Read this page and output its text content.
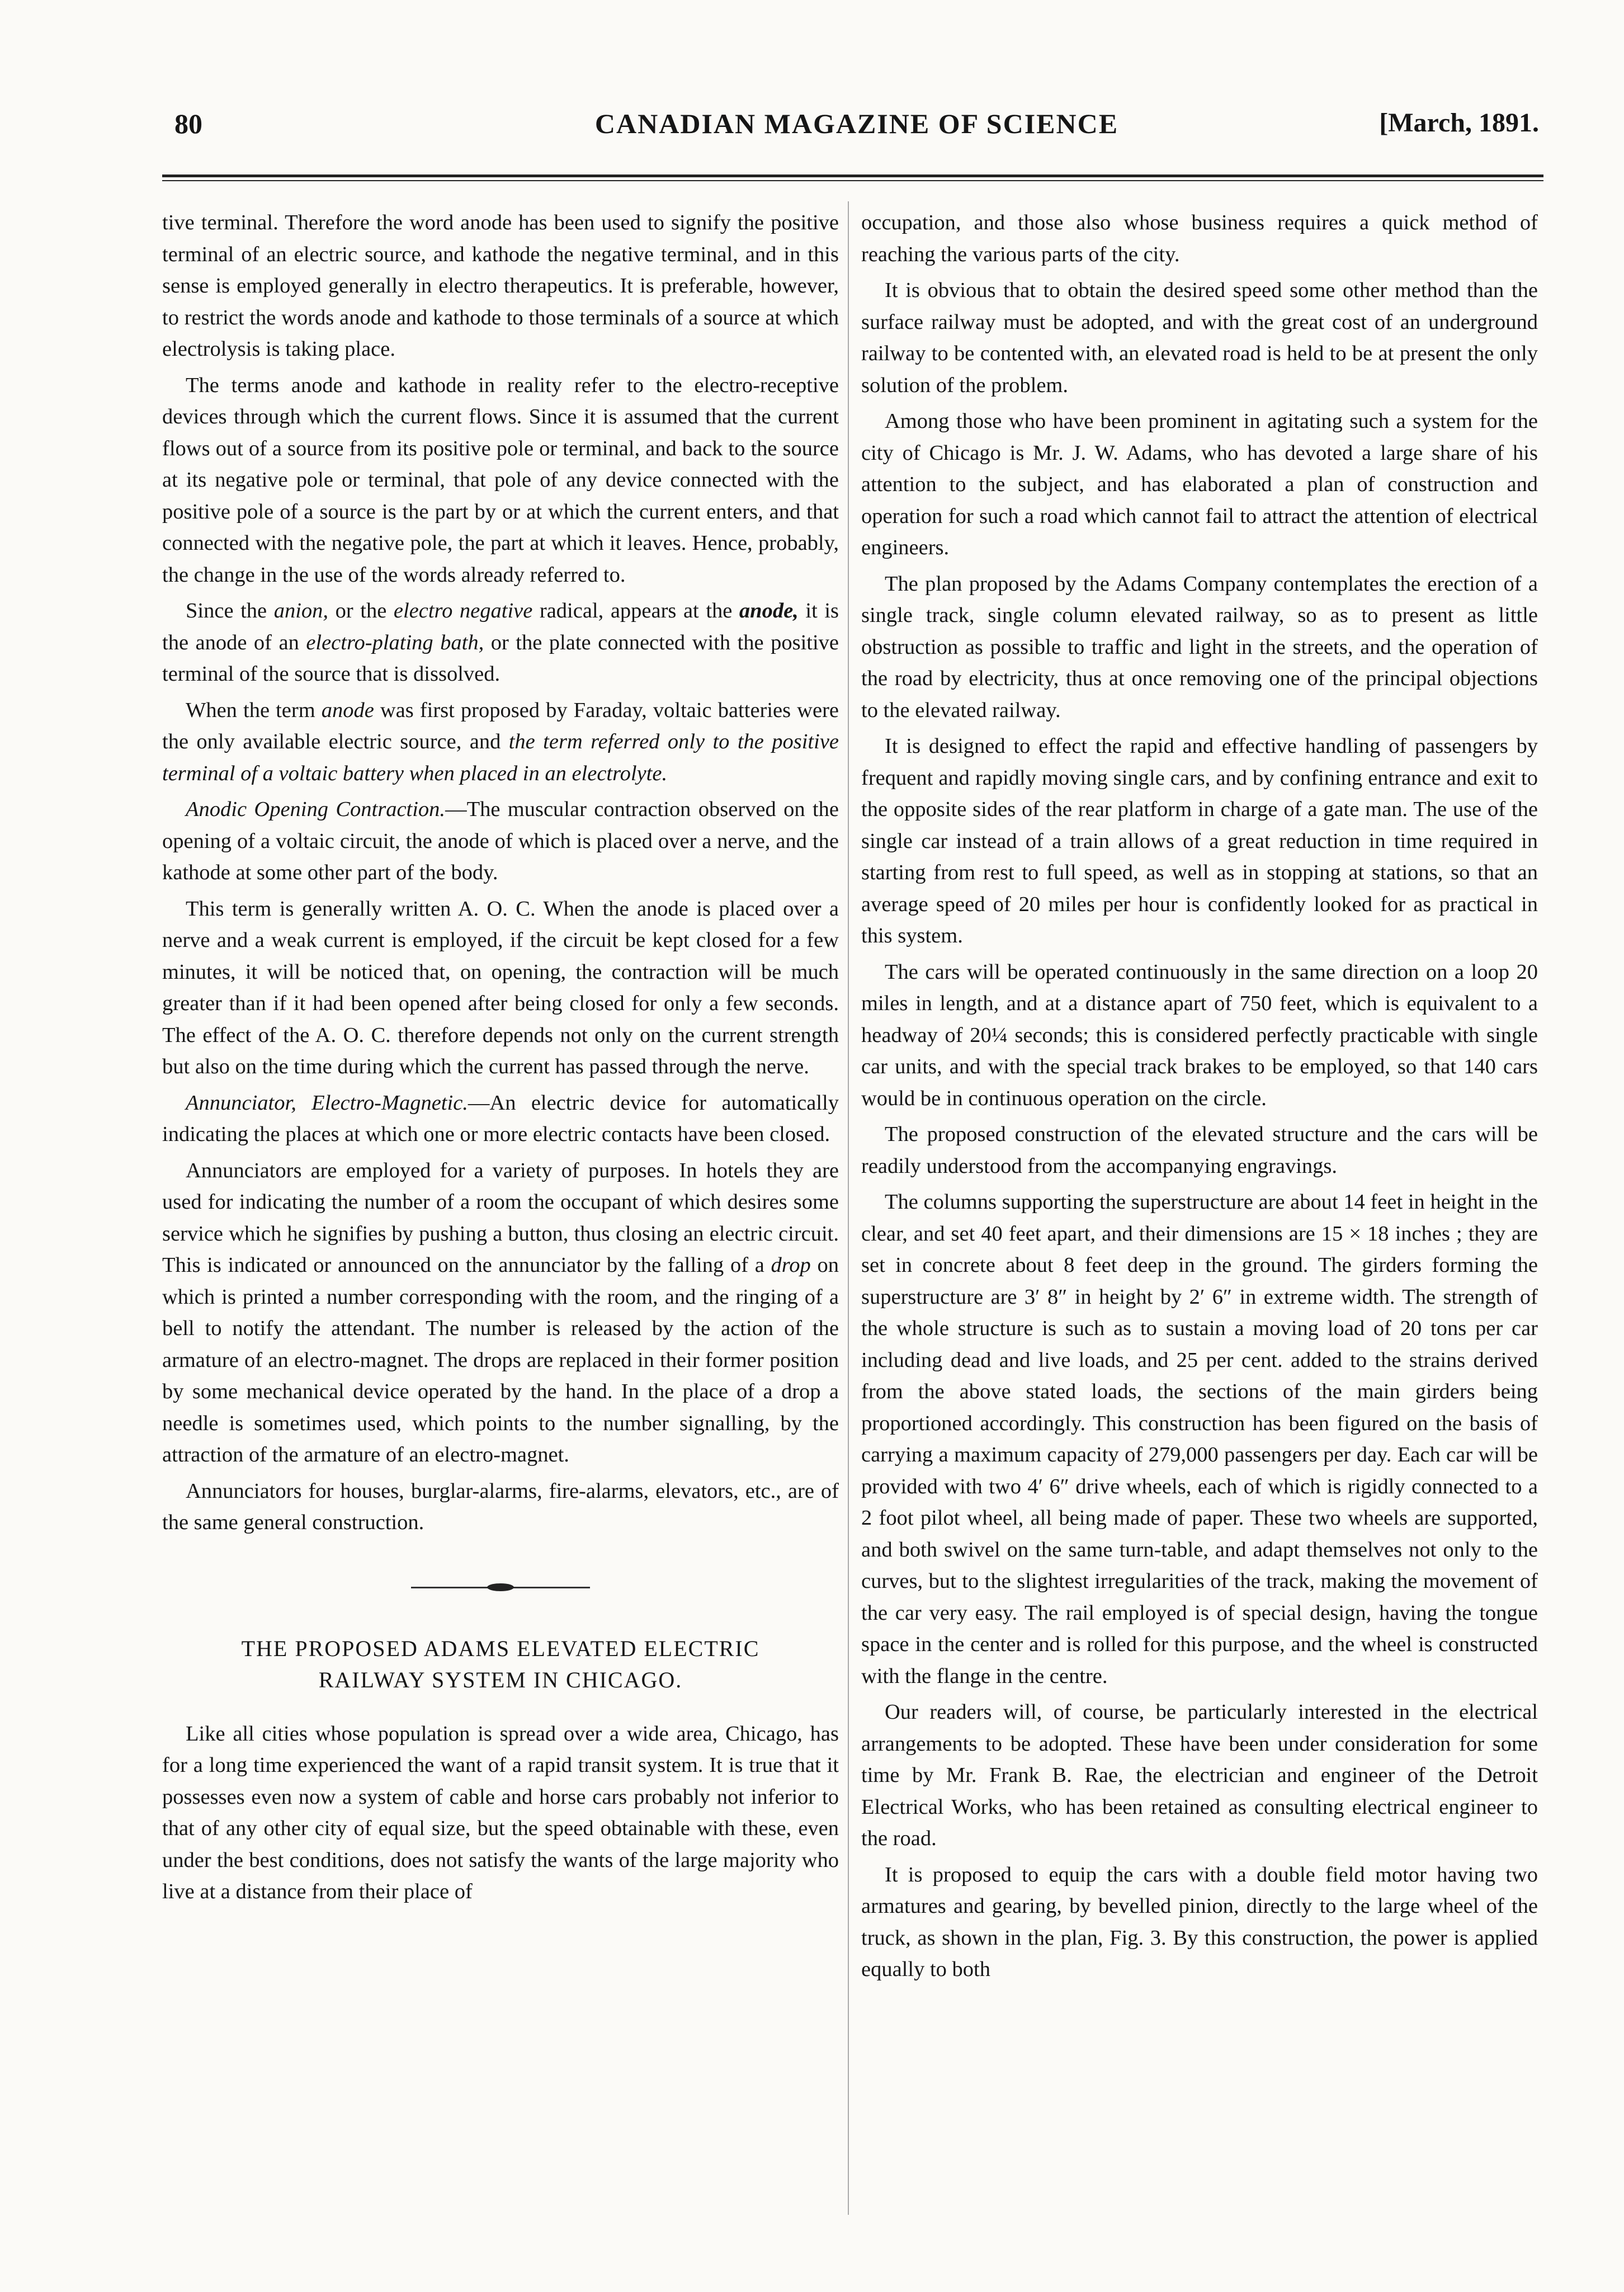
80	CANADIAN MAGAZINE OF SCIENCE	[March, 1891.

tive terminal. Therefore the word anode has been used to signify the positive terminal of an electric source, and kathode the negative terminal, and in this sense is employed generally in electro therapeutics. It is preferable, however, to restrict the words anode and kathode to those terminals of a source at which electrolysis is taking place.

The terms anode and kathode in reality refer to the electro-receptive devices through which the current flows. Since it is assumed that the current flows out of a source from its positive pole or terminal, and back to the source at its negative pole or terminal, that pole of any device connected with the positive pole of a source is the part by or at which the current enters, and that connected with the negative pole, the part at which it leaves. Hence, probably, the change in the use of the words already referred to.

Since the anion, or the electro negative radical, appears at the anode, it is the anode of an electro-plating bath, or the plate connected with the positive terminal of the source that is dissolved.

When the term anode was first proposed by Faraday, voltaic batteries were the only available electric source, and the term referred only to the positive terminal of a voltaic battery when placed in an electrolyte.

Anodic Opening Contraction.—The muscular contraction observed on the opening of a voltaic circuit, the anode of which is placed over a nerve, and the kathode at some other part of the body.

This term is generally written A. O. C. When the anode is placed over a nerve and a weak current is employed, if the circuit be kept closed for a few minutes, it will be noticed that, on opening, the contraction will be much greater than if it had been opened after being closed for only a few seconds. The effect of the A. O. C. therefore depends not only on the current strength but also on the time during which the current has passed through the nerve.

Annunciator, Electro-Magnetic.—An electric device for automatically indicating the places at which one or more electric contacts have been closed.

Annunciators are employed for a variety of purposes. In hotels they are used for indicating the number of a room the occupant of which desires some service which he signifies by pushing a button, thus closing an electric circuit. This is indicated or announced on the annunciator by the falling of a drop on which is printed a number corresponding with the room, and the ringing of a bell to notify the attendant. The number is released by the action of the armature of an electro-magnet. The drops are replaced in their former position by some mechanical device operated by the hand. In the place of a drop a needle is sometimes used, which points to the number signalling, by the attraction of the armature of an electro-magnet.

Annunciators for houses, burglar-alarms, fire-alarms, elevators, etc., are of the same general construction.

THE PROPOSED ADAMS ELEVATED ELECTRIC
RAILWAY SYSTEM IN CHICAGO.

Like all cities whose population is spread over a wide area, Chicago, has for a long time experienced the want of a rapid transit system. It is true that it possesses even now a system of cable and horse cars probably not inferior to that of any other city of equal size, but the speed obtainable with these, even under the best conditions, does not satisfy the wants of the large majority who live at a distance from their place of

occupation, and those also whose business requires a quick method of reaching the various parts of the city.

It is obvious that to obtain the desired speed some other method than the surface railway must be adopted, and with the great cost of an underground railway to be contented with, an elevated road is held to be at present the only solution of the problem.

Among those who have been prominent in agitating such a system for the city of Chicago is Mr. J. W. Adams, who has devoted a large share of his attention to the subject, and has elaborated a plan of construction and operation for such a road which cannot fail to attract the attention of electrical engineers.

The plan proposed by the Adams Company contemplates the erection of a single track, single column elevated railway, so as to present as little obstruction as possible to traffic and light in the streets, and the operation of the road by electricity, thus at once removing one of the principal objections to the elevated railway.

It is designed to effect the rapid and effective handling of passengers by frequent and rapidly moving single cars, and by confining entrance and exit to the opposite sides of the rear platform in charge of a gate man. The use of the single car instead of a train allows of a great reduction in time required in starting from rest to full speed, as well as in stopping at stations, so that an average speed of 20 miles per hour is confidently looked for as practical in this system.

The cars will be operated continuously in the same direction on a loop 20 miles in length, and at a distance apart of 750 feet, which is equivalent to a headway of 20¼ seconds; this is considered perfectly practicable with single car units, and with the special track brakes to be employed, so that 140 cars would be in continuous operation on the circle.

The proposed construction of the elevated structure and the cars will be readily understood from the accompanying engravings.

The columns supporting the superstructure are about 14 feet in height in the clear, and set 40 feet apart, and their dimensions are 15 × 18 inches ; they are set in concrete about 8 feet deep in the ground. The girders forming the superstructure are 3′ 8″ in height by 2′ 6″ in extreme width. The strength of the whole structure is such as to sustain a moving load of 20 tons per car including dead and live loads, and 25 per cent. added to the strains derived from the above stated loads, the sections of the main girders being proportioned accordingly. This construction has been figured on the basis of carrying a maximum capacity of 279,000 passengers per day. Each car will be provided with two 4′ 6″ drive wheels, each of which is rigidly connected to a 2 foot pilot wheel, all being made of paper. These two wheels are supported, and both swivel on the same turn-table, and adapt themselves not only to the curves, but to the slightest irregularities of the track, making the movement of the car very easy. The rail employed is of special design, having the tongue space in the center and is rolled for this purpose, and the wheel is constructed with the flange in the centre.

Our readers will, of course, be particularly interested in the electrical arrangements to be adopted. These have been under consideration for some time by Mr. Frank B. Rae, the electrician and engineer of the Detroit Electrical Works, who has been retained as consulting electrical engineer to the road.

It is proposed to equip the cars with a double field motor having two armatures and gearing, by bevelled pinion, directly to the large wheel of the truck, as shown in the plan, Fig. 3. By this construction, the power is applied equally to both
